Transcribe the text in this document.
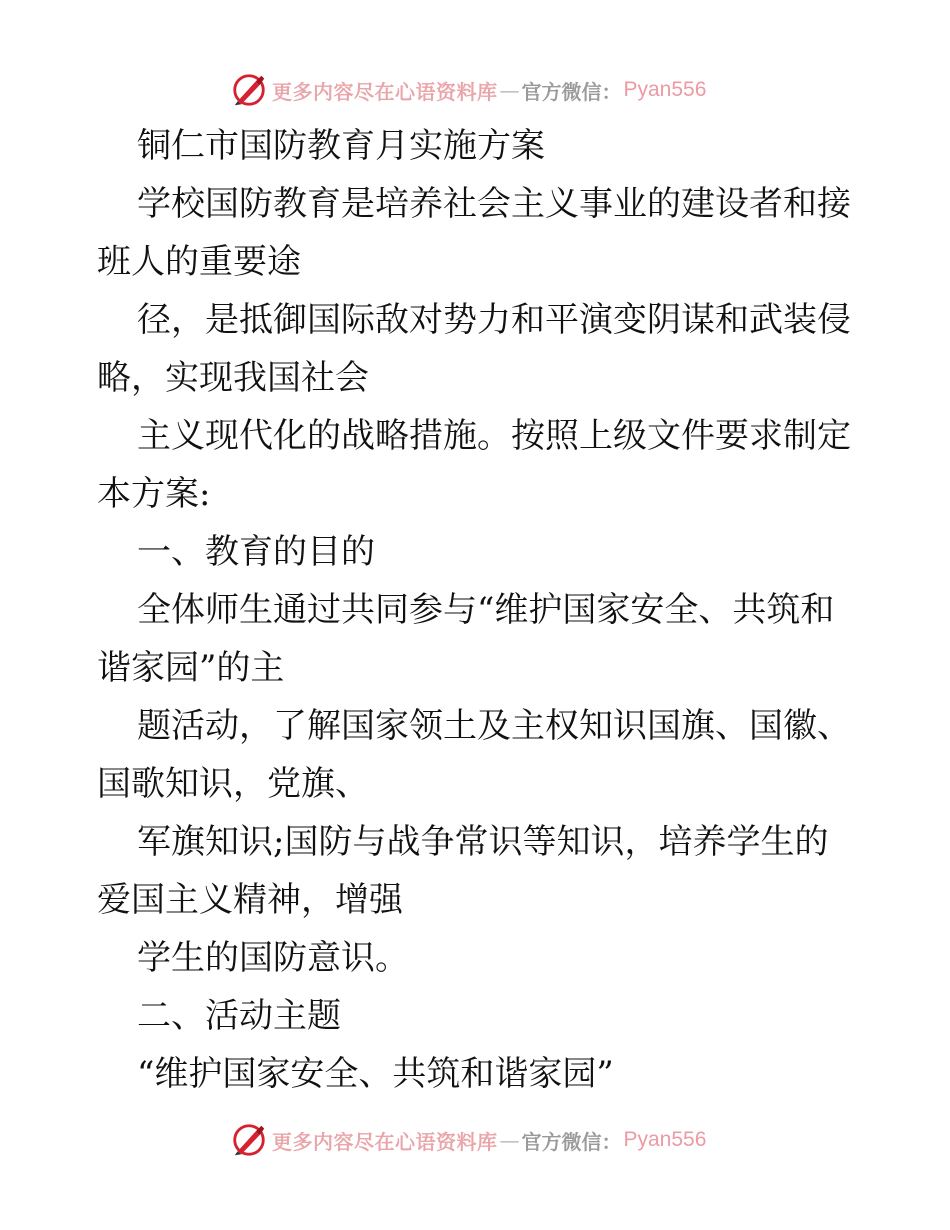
更多内容尽在心语资料库 — 官方微信： Pyan556
铜仁市国防教育月实施方案
学校国防教育是培养社会主义事业的建设者和接
班人的重要途
径，是抵御国际敌对势力和平演变阴谋和武装侵
略，实现我国社会
主义现代化的战略措施。按照上级文件要求制定
本方案:
一、教育的目的
全体师生通过共同参与“维护国家安全、共筑和
谐家园”的主
题活动，了解国家领土及主权知识国旗、国徽、
国歌知识，党旗、
军旗知识;国防与战争常识等知识，培养学生的
爱国主义精神，增强
学生的国防意识。
二、活动主题
“维护国家安全、共筑和谐家园”
更多内容尽在心语资料库 — 官方微信： Pyan556
